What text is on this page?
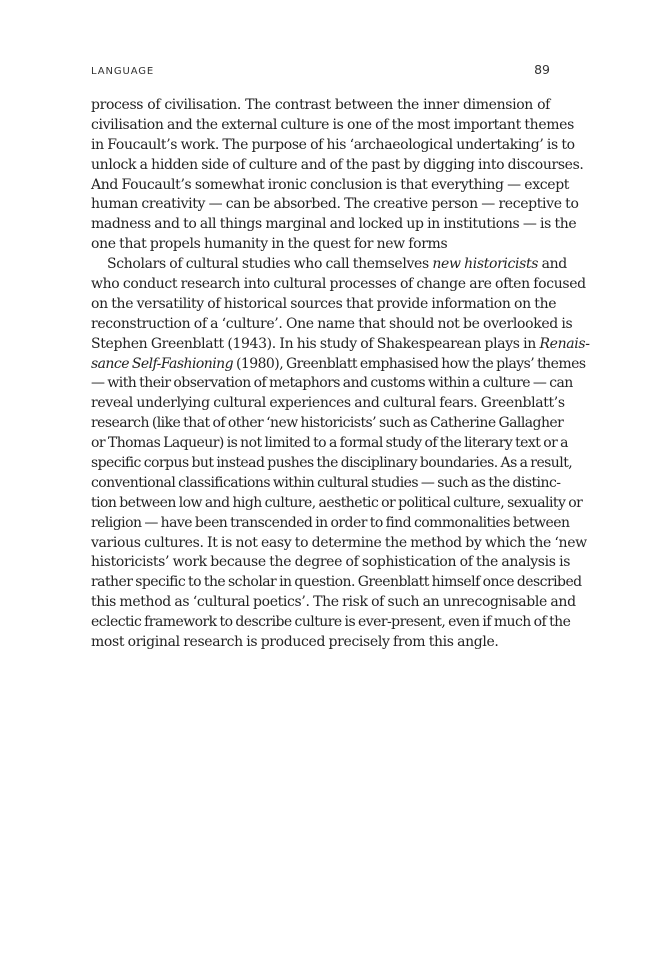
LANGUAGE	89
process of civilisation. The contrast between the inner dimension of
civilisation and the external culture is one of the most important themes
in Foucault’s work. The purpose of his ‘archaeological undertaking’ is to
unlock a hidden side of culture and of the past by digging into discourses.
And Foucault’s somewhat ironic conclusion is that everything — except
human creativity — can be absorbed. The creative person — receptive to
madness and to all things marginal and locked up in institutions — is the
one that propels humanity in the quest for new forms
Scholars of cultural studies who call themselves new historicists and
who conduct research into cultural processes of change are often focused
on the versatility of historical sources that provide information on the
reconstruction of a ‘culture’. One name that should not be overlooked is
Stephen Greenblatt (1943). In his study of Shakespearean plays in Renais-
sance Self-Fashioning (1980), Greenblatt emphasised how the plays’ themes
— with their observation of metaphors and customs within a culture — can
reveal underlying cultural experiences and cultural fears. Greenblatt’s
research (like that of other ‘new historicists’ such as Catherine Gallagher
or Thomas Laqueur) is not limited to a formal study of the literary text or a
specific corpus but instead pushes the disciplinary boundaries. As a result,
conventional classifications within cultural studies — such as the distinc-
tion between low and high culture, aesthetic or political culture, sexuality or
religion — have been transcended in order to find commonalities between
various cultures. It is not easy to determine the method by which the ‘new
historicists’ work because the degree of sophistication of the analysis is
rather specific to the scholar in question. Greenblatt himself once described
this method as ‘cultural poetics’. The risk of such an unrecognisable and
eclectic framework to describe culture is ever-present, even if much of the
most original research is produced precisely from this angle.
